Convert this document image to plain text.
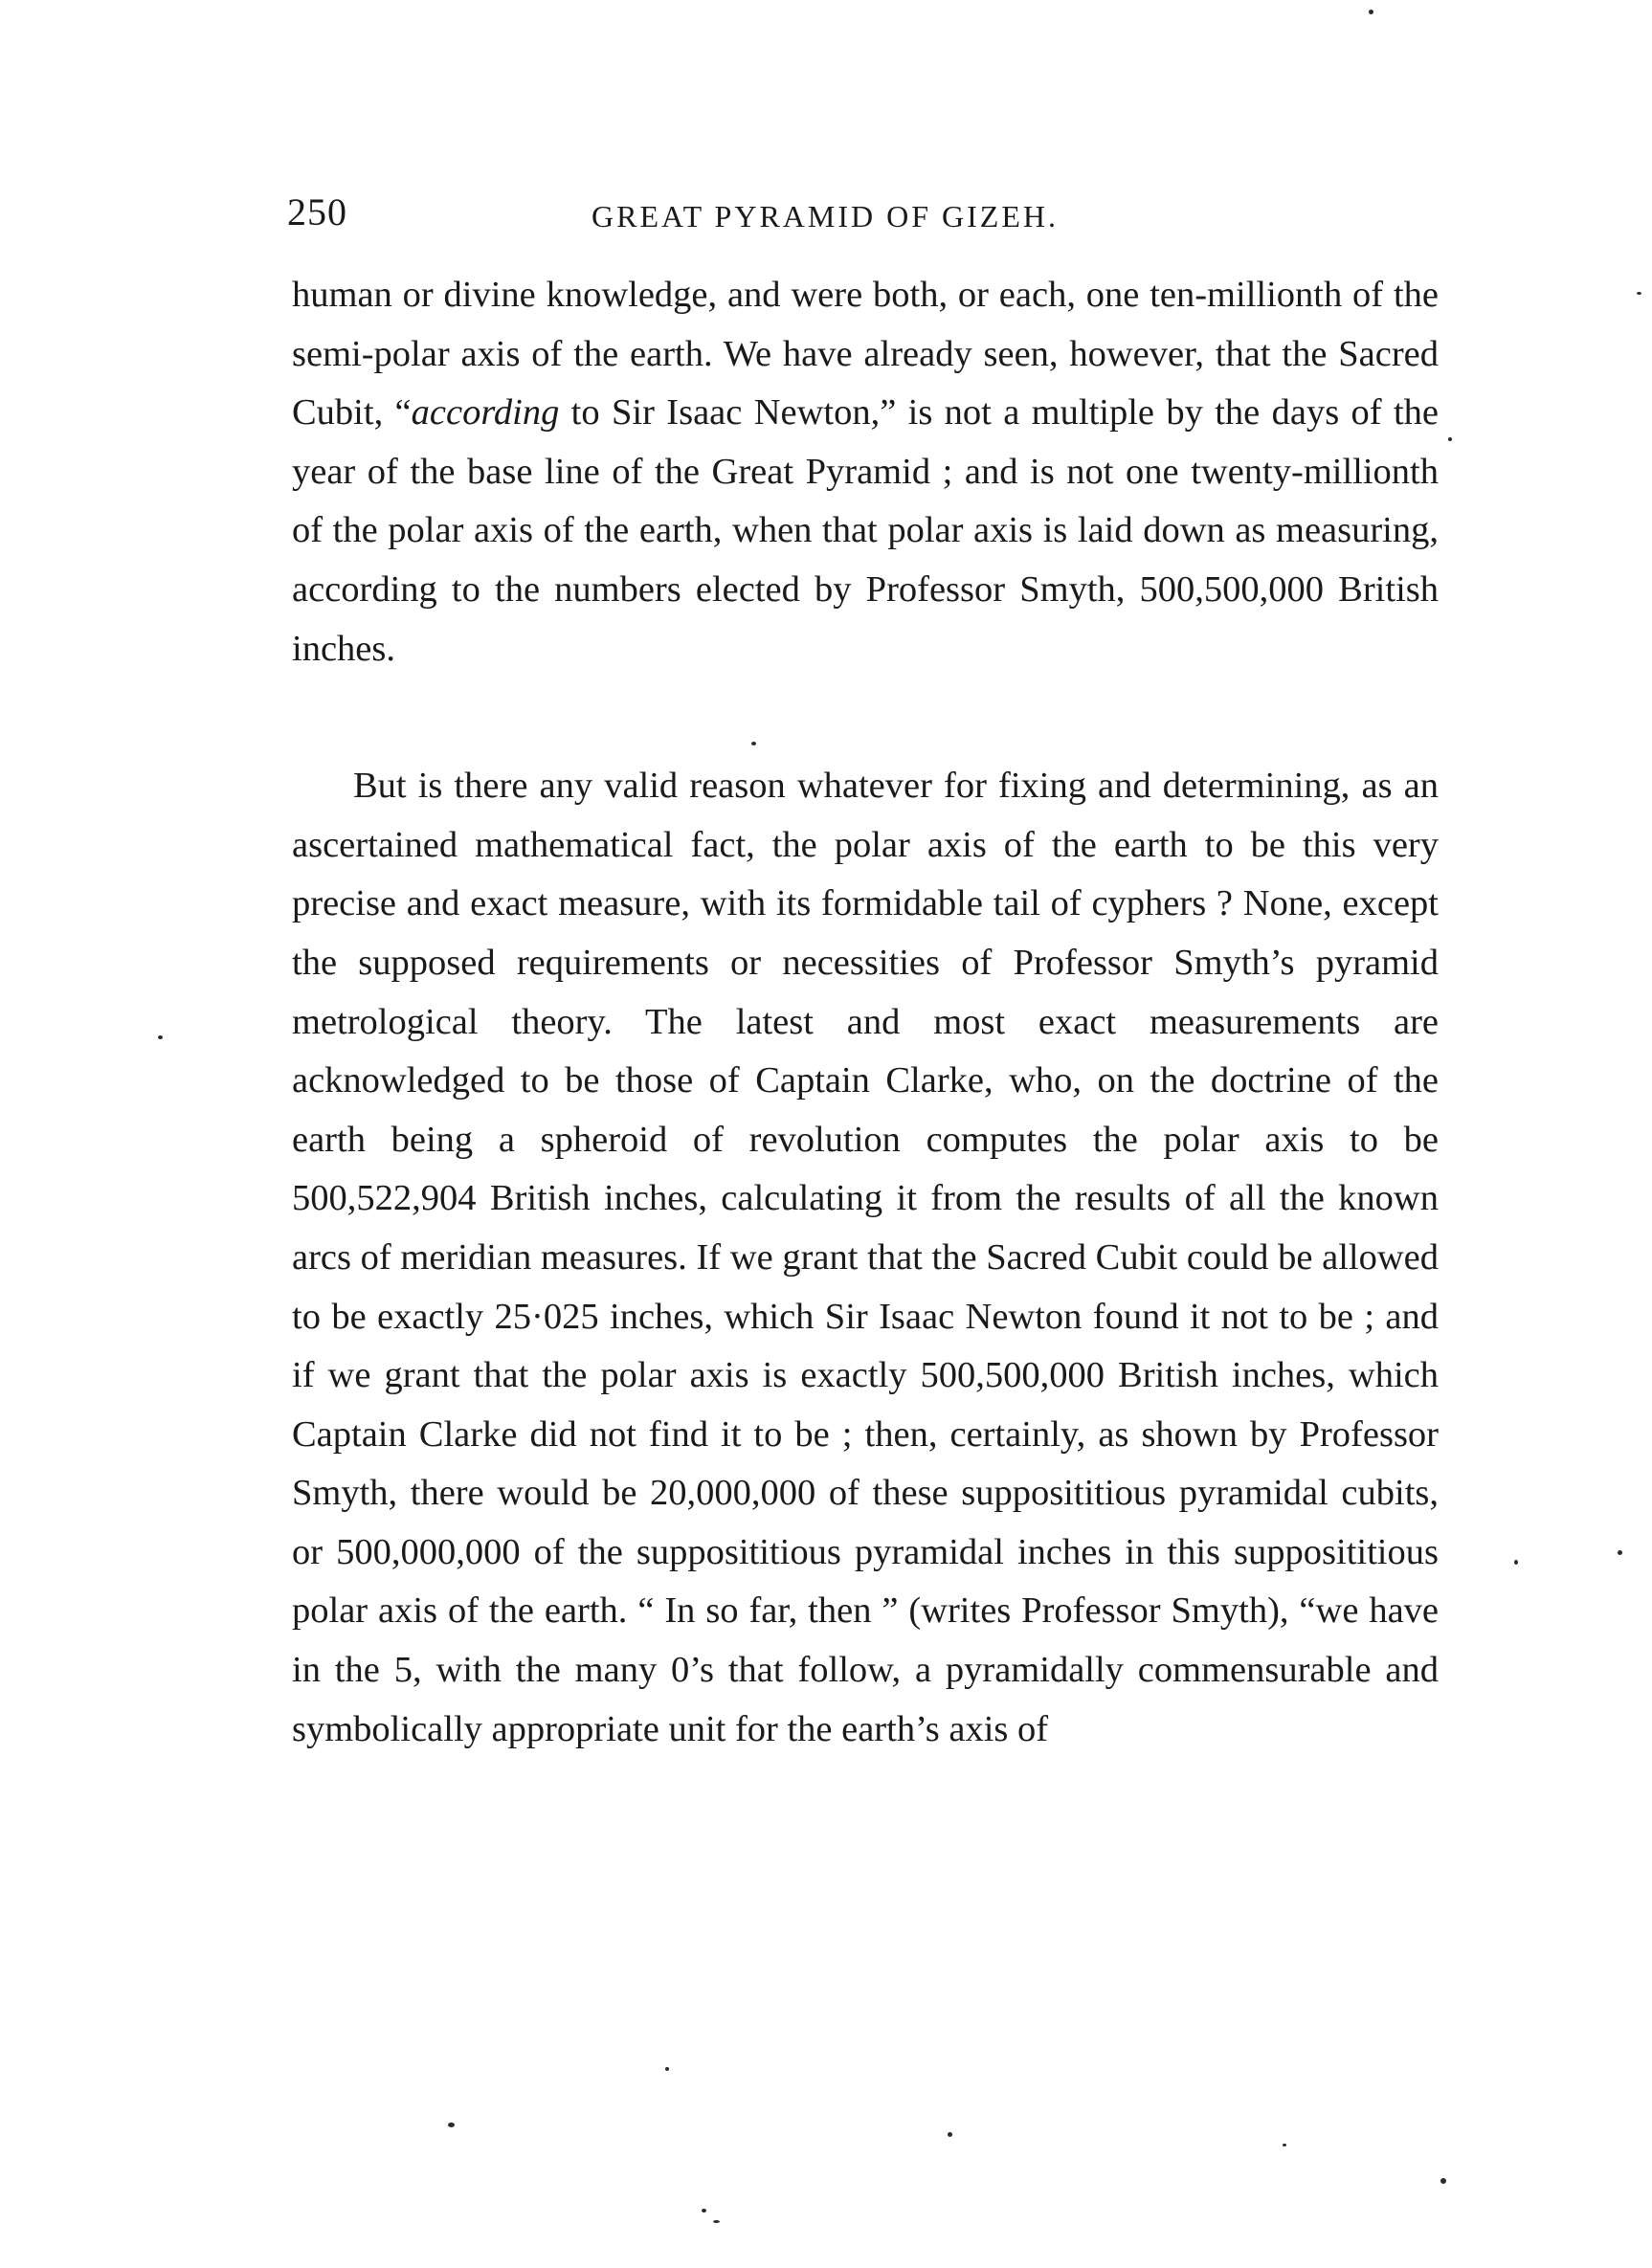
250	GREAT PYRAMID OF GIZEH.

human or divine knowledge, and were both, or each, one ten-millionth of the semi-polar axis of the earth. We have already seen, however, that the Sacred Cubit, “according to Sir Isaac Newton,” is not a multiple by the days of the year of the base line of the Great Pyramid ; and is not one twenty-millionth of the polar axis of the earth, when that polar axis is laid down as measuring, according to the numbers elected by Professor Smyth, 500,500,000 British inches.

But is there any valid reason whatever for fixing and determining, as an ascertained mathematical fact, the polar axis of the earth to be this very precise and exact measure, with its formidable tail of cyphers ? None, except the supposed requirements or necessities of Professor Smyth’s pyramid metrological theory. The latest and most exact measurements are acknowledged to be those of Captain Clarke, who, on the doctrine of the earth being a spheroid of revolution computes the polar axis to be 500,522,904 British inches, calculating it from the results of all the known arcs of meridian measures. If we grant that the Sacred Cubit could be allowed to be exactly 25·025 inches, which Sir Isaac Newton found it not to be ; and if we grant that the polar axis is exactly 500,500,000 British inches, which Captain Clarke did not find it to be ; then, certainly, as shown by Professor Smyth, there would be 20,000,000 of these supposititious pyramidal cubits, or 500,000,000 of the supposititious pyramidal inches in this supposititious polar axis of the earth. “ In so far, then ” (writes Professor Smyth), “we have in the 5, with the many 0’s that follow, a pyramidally commensurable and symbolically appropriate unit for the earth’s axis of
